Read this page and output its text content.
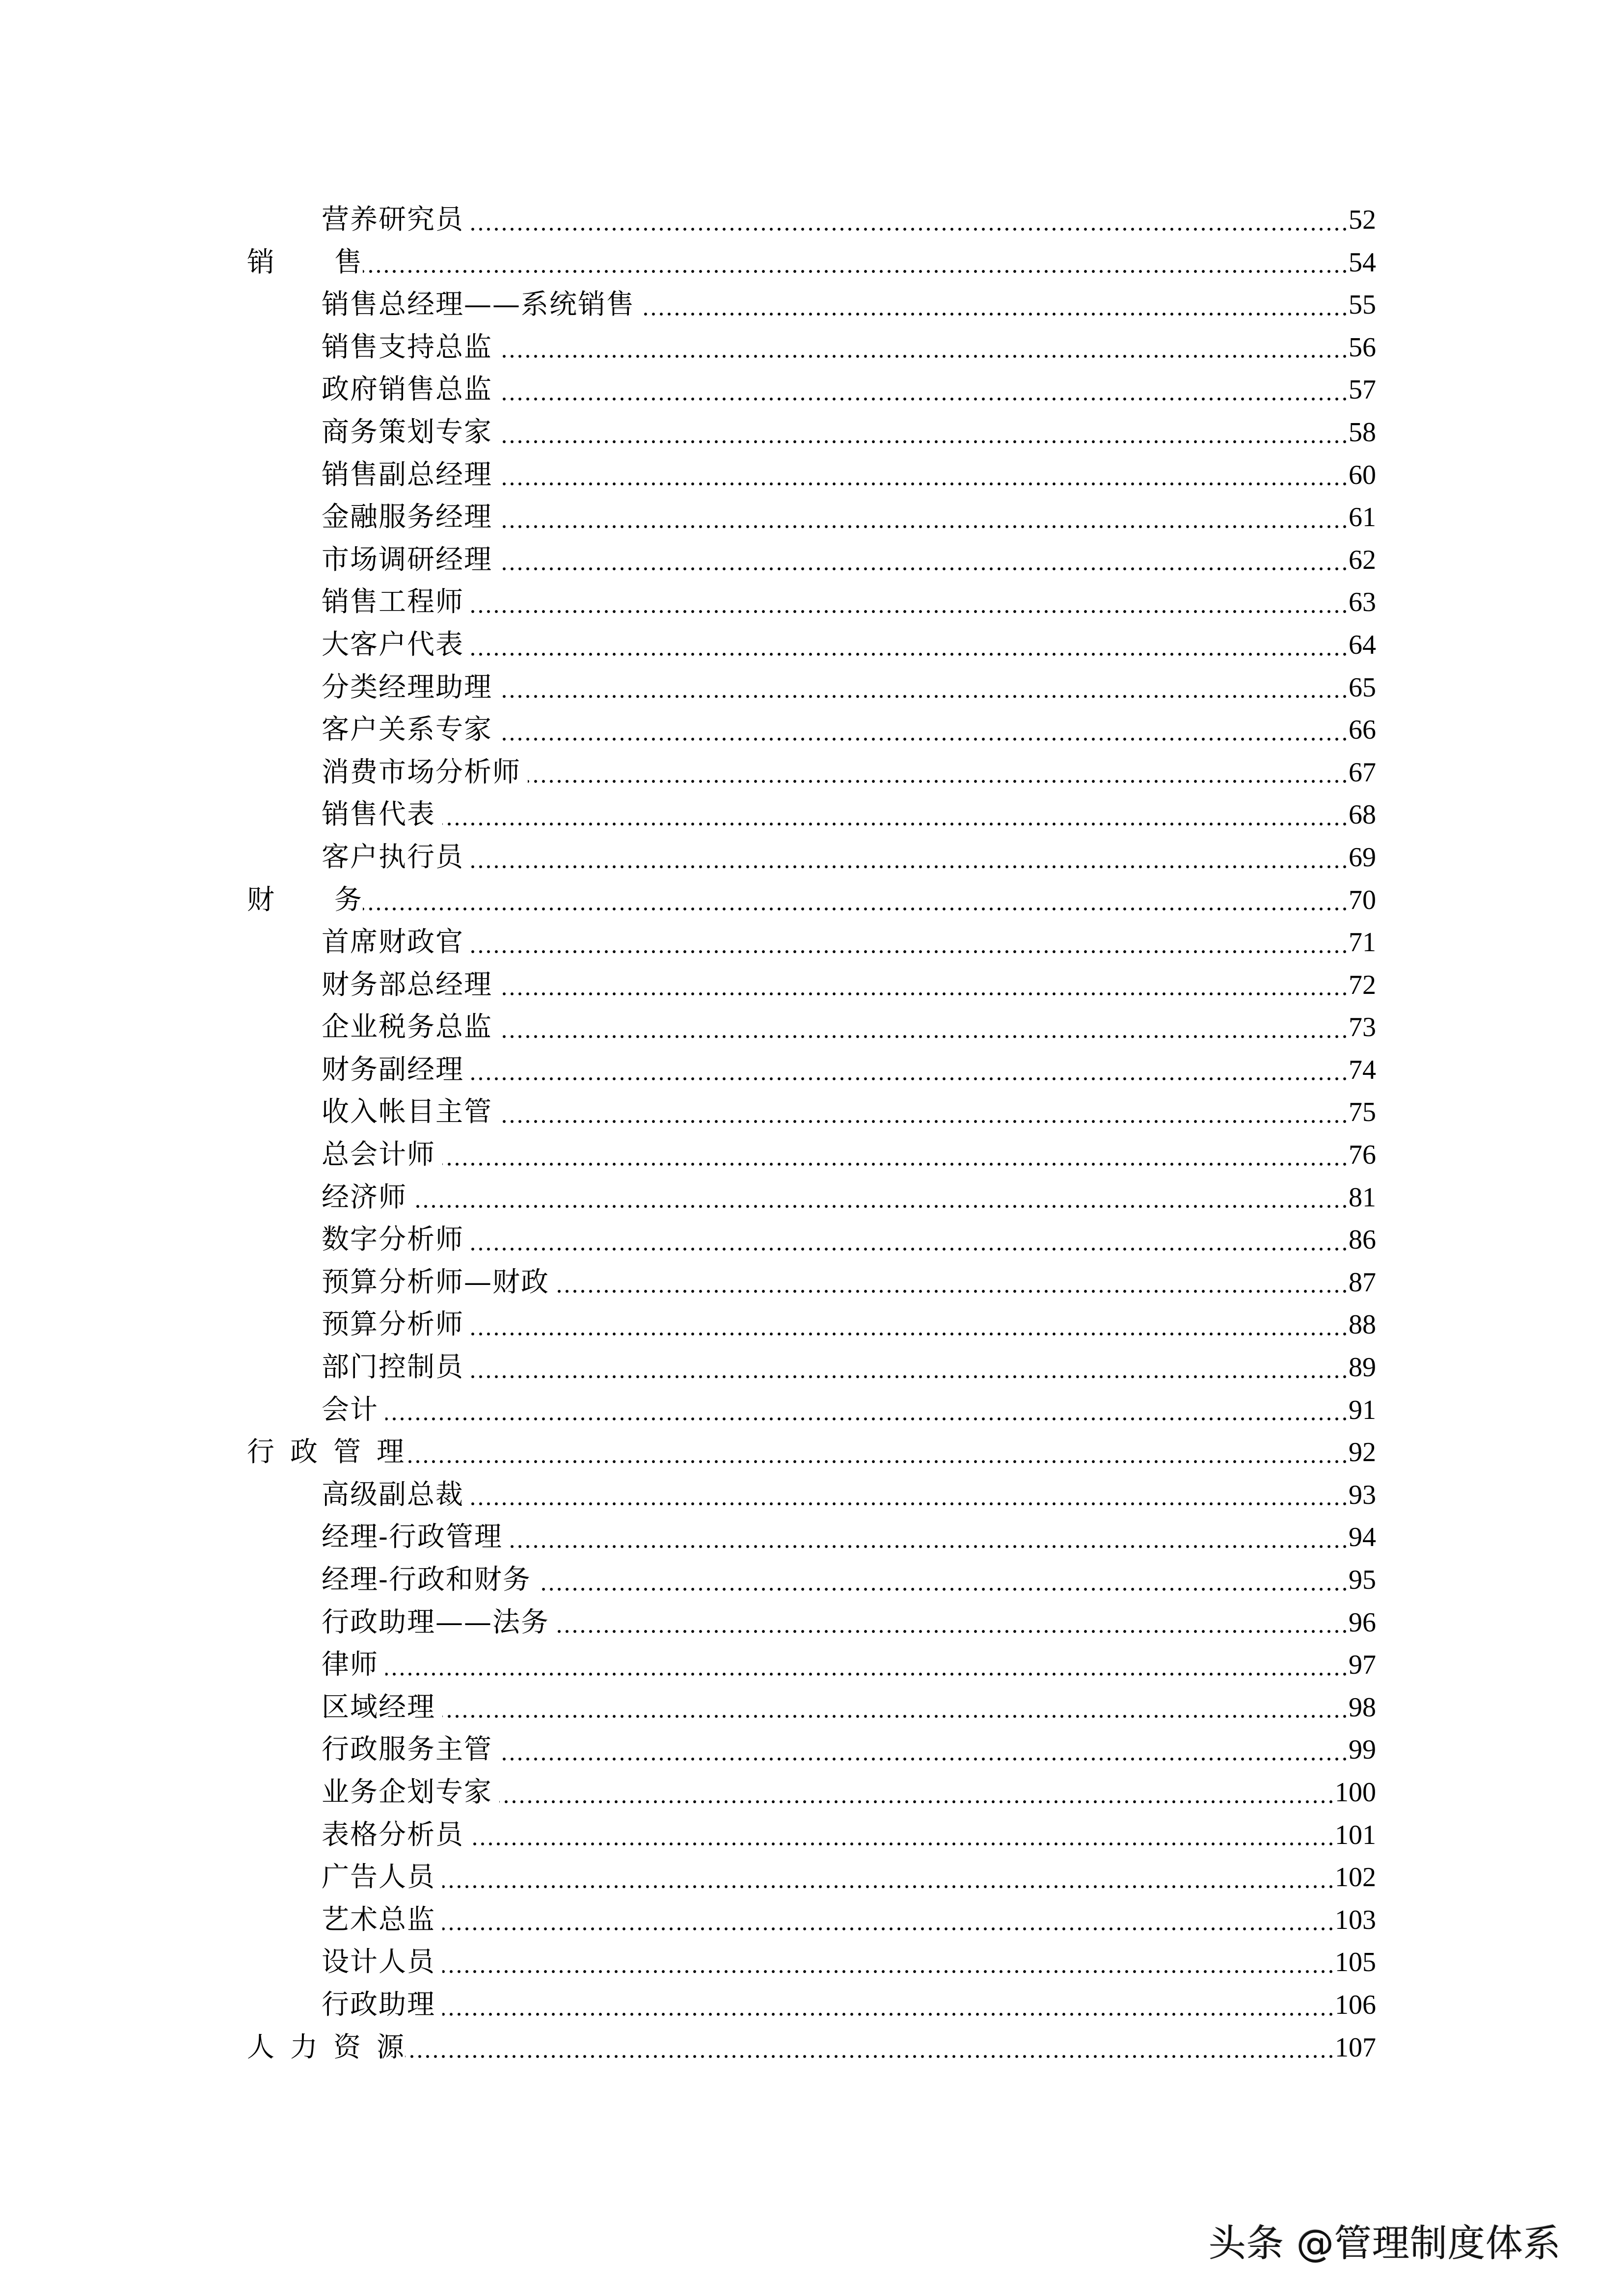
营养研究员	52
销 售	54
销售总经理——系统销售	55
销售支持总监	56
政府销售总监	57
商务策划专家	58
销售副总经理	60
金融服务经理	61
市场调研经理	62
销售工程师	63
大客户代表	64
分类经理助理	65
客户关系专家	66
消费市场分析师	67
销售代表	68
客户执行员	69
财 务	70
首席财政官	71
财务部总经理	72
企业税务总监	73
财务副经理	74
收入帐目主管	75
总会计师	76
经济师	81
数字分析师	86
预算分析师—财政	87
预算分析师	88
部门控制员	89
会计	91
行 政 管 理	92
高级副总裁	93
经理-行政管理	94
经理-行政和财务	95
行政助理——法务	96
律师	97
区域经理	98
行政服务主管	99
业务企划专家	100
表格分析员	101
广告人员	102
艺术总监	103
设计人员	105
行政助理	106
人 力 资 源	107
头条 @管理制度体系
